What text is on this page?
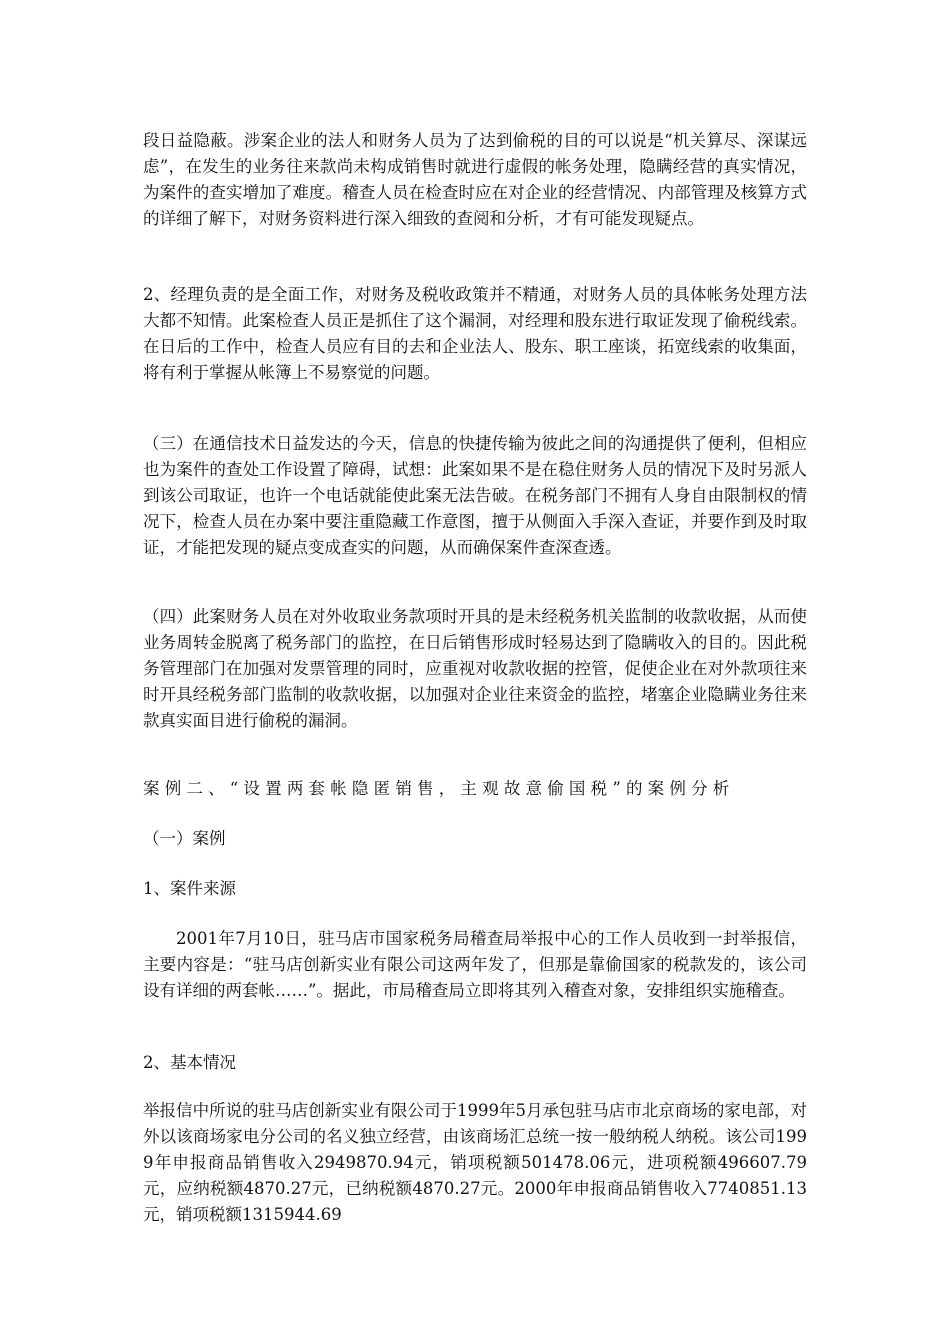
段日益隐蔽。涉案企业的法人和财务人员为了达到偷税的目的可以说是“机关算尽、深谋远虑”，在发生的业务往来款尚未构成销售时就进行虚假的帐务处理，隐瞒经营的真实情况，为案件的查实增加了难度。稽查人员在检查时应在对企业的经营情况、内部管理及核算方式的详细了解下，对财务资料进行深入细致的查阅和分析，才有可能发现疑点。

2、经理负责的是全面工作，对财务及税收政策并不精通，对财务人员的具体帐务处理方法大都不知情。此案检查人员正是抓住了这个漏洞，对经理和股东进行取证发现了偷税线索。在日后的工作中，检查人员应有目的去和企业法人、股东、职工座谈，拓宽线索的收集面，将有利于掌握从帐簿上不易察觉的问题。

（三）在通信技术日益发达的今天，信息的快捷传输为彼此之间的沟通提供了便利，但相应也为案件的查处工作设置了障碍，试想：此案如果不是在稳住财务人员的情况下及时另派人到该公司取证，也许一个电话就能使此案无法告破。在税务部门不拥有人身自由限制权的情况下，检查人员在办案中要注重隐藏工作意图，擅于从侧面入手深入查证，并要作到及时取证，才能把发现的疑点变成查实的问题，从而确保案件查深查透。

（四）此案财务人员在对外收取业务款项时开具的是未经税务机关监制的收款收据，从而使业务周转金脱离了税务部门的监控，在日后销售形成时轻易达到了隐瞒收入的目的。因此税务管理部门在加强对发票管理的同时，应重视对收款收据的控管，促使企业在对外款项往来时开具经税务部门监制的收款收据，以加强对企业往来资金的监控，堵塞企业隐瞒业务往来款真实面目进行偷税的漏洞。

案例二、“设置两套帐隐匿销售，主观故意偷国税”的案例分析

（一）案例

1、案件来源

2001年7月10日，驻马店市国家税务局稽查局举报中心的工作人员收到一封举报信，主要内容是：“驻马店创新实业有限公司这两年发了，但那是靠偷国家的税款发的，该公司设有详细的两套帐……”。据此，市局稽查局立即将其列入稽查对象，安排组织实施稽查。

2、基本情况

举报信中所说的驻马店创新实业有限公司于1999年5月承包驻马店市北京商场的家电部，对外以该商场家电分公司的名义独立经营，由该商场汇总统一按一般纳税人纳税。该公司1999年申报商品销售收入2949870.94元，销项税额501478.06元，进项税额496607.79元，应纳税额4870.27元，已纳税额4870.27元。2000年申报商品销售收入7740851.13元，销项税额1315944.69
